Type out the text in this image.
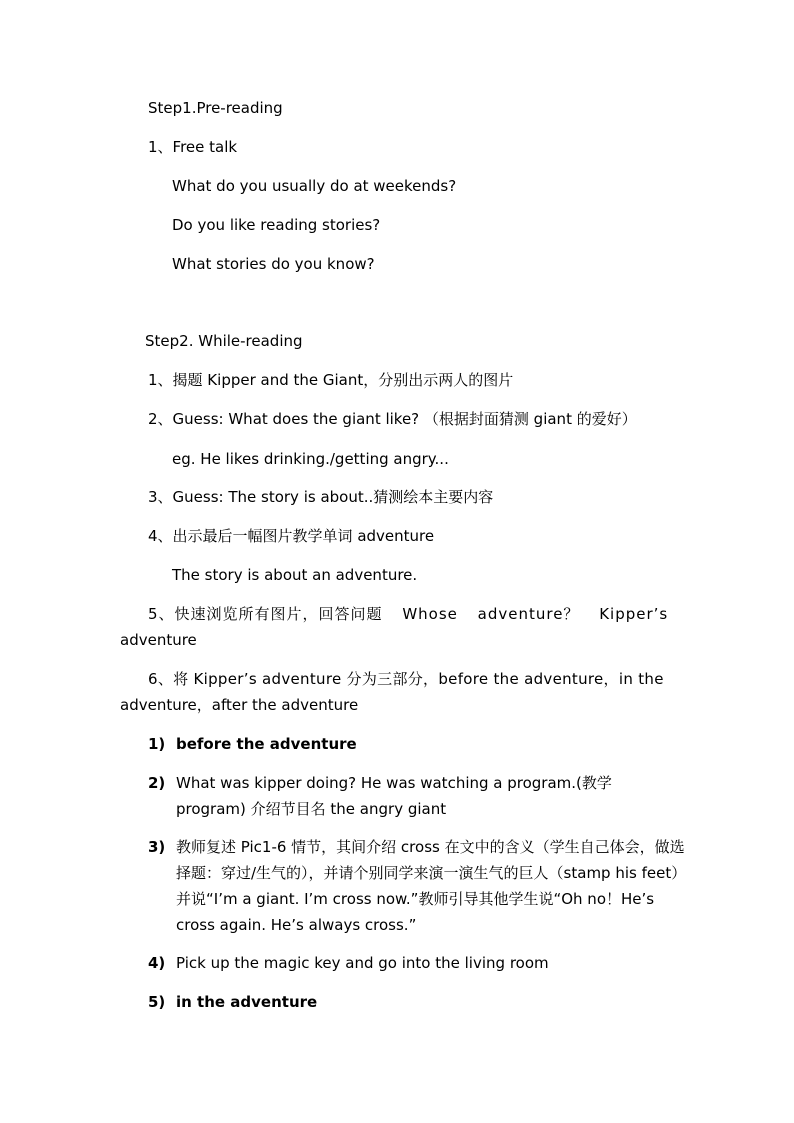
Step1.Pre-reading
1、Free talk
What do you usually do at weekends?
Do you like reading stories?
What stories do you know?
Step2. While-reading
1、揭题 Kipper and the Giant，分别出示两人的图片
2、Guess: What does the giant like? （根据封面猜测 giant 的爱好）
eg. He likes drinking./getting angry...
3、Guess: The story is about..猜测绘本主要内容
4、出示最后一幅图片教学单词 adventure
The story is about an adventure.
5、快速浏览所有图片，回答问题 Whose adventure？ Kipper’s
adventure
6、将 Kipper’s adventure 分为三部分，before the adventure，in the
adventure，after the adventure
1) before the adventure
2) What was kipper doing? He was watching a program.(教学 program) 介绍节目名 the angry giant
3) 教师复述 Pic1-6 情节，其间介绍 cross 在文中的含义（学生自己体会，做选择题：穿过/生气的），并请个别同学来演一演生气的巨人（stamp his feet）并说“I’m a giant. I’m cross now.”教师引导其他学生说“Oh no！He’s cross again. He’s always cross.”
4) Pick up the magic key and go into the living room
5) in the adventure
